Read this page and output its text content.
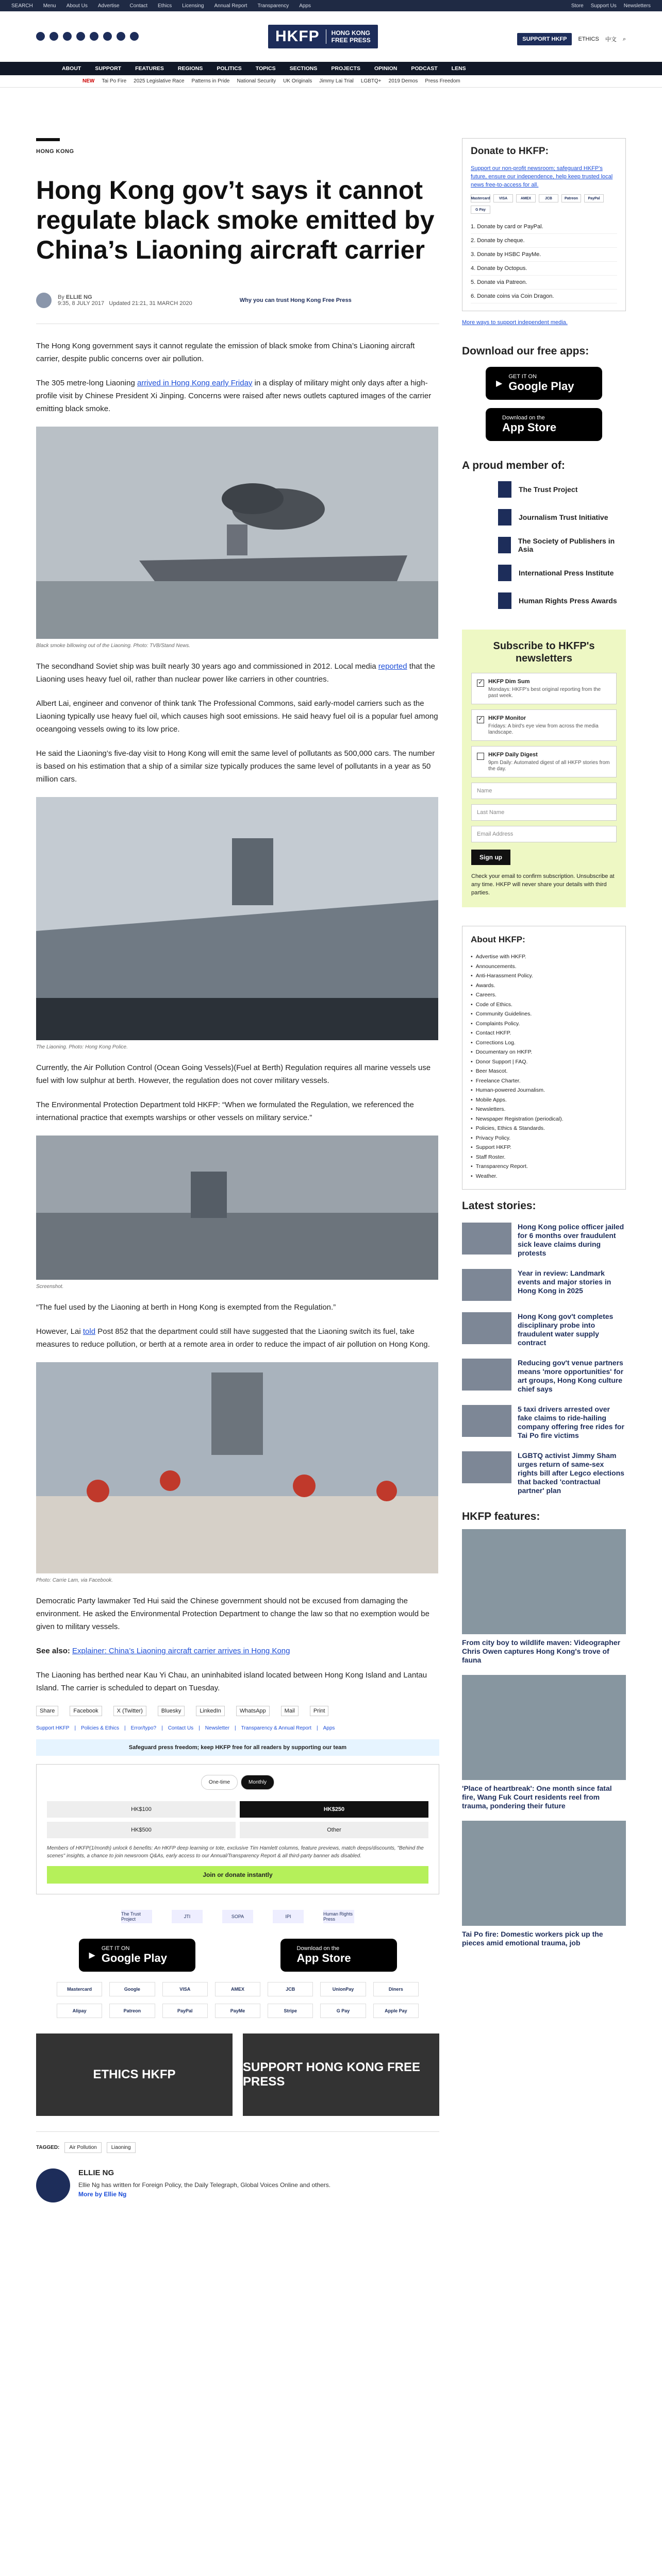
SEARCH Menu About Us Advertise Contact Ethics Licensing Annual Report Transparency Apps	Store Support Us Newsletters
HKFP	HONG KONG
FREE PRESS	SUPPORT HKFP	ETHICS 中文 ⌕
ABOUT	SUPPORT	FEATURES	REGIONS	POLITICS	TOPICS	SECTIONS	PROJECTS	OPINION	PODCAST	LENS
NEW Tai Po Fire 2025 Legislative Race Patterns in Pride National Security UK Originals Jimmy Lai Trial LGBTQ+ 2019 Demos Press Freedom
HONG KONG
Hong Kong gov’t says it cannot regulate black smoke emitted by China’s Liaoning aircraft carrier
By ELLIE NG
9:35, 8 JULY 2017 Updated 21:21, 31 MARCH 2020	Why you can trust Hong Kong Free Press

The Hong Kong government says it cannot regulate the emission of black smoke from China’s Liaoning aircraft carrier, despite public concerns over air pollution.

The 305 metre-long Liaoning arrived in Hong Kong early Friday in a display of military might only days after a high-profile visit by Chinese President Xi Jinping. Concerns were raised after news outlets captured images of the carrier emitting black smoke.

Black smoke billowing out of the Liaoning. Photo: TVB/Stand News.

The secondhand Soviet ship was built nearly 30 years ago and commissioned in 2012. Local media reported that the Liaoning uses heavy fuel oil, rather than nuclear power like carriers in other countries.

Albert Lai, engineer and convenor of think tank The Professional Commons, said early-model carriers such as the Liaoning typically use heavy fuel oil, which causes high soot emissions. He said heavy fuel oil is a popular fuel among oceangoing vessels owing to its low price.

He said the Liaoning’s five-day visit to Hong Kong will emit the same level of pollutants as 500,000 cars. The number is based on his estimation that a ship of a similar size typically produces the same level of pollutants in a year as 50 million cars.

The Liaoning. Photo: Hong Kong Police.

Currently, the Air Pollution Control (Ocean Going Vessels)(Fuel at Berth) Regulation requires all marine vessels use fuel with low sulphur at berth. However, the regulation does not cover military vessels.

The Environmental Protection Department told HKFP: “When we formulated the Regulation, we referenced the international practice that exempts warships or other vessels on military service.”

Screenshot.

“The fuel used by the Liaoning at berth in Hong Kong is exempted from the Regulation.”

However, Lai told Post 852 that the department could still have suggested that the Liaoning switch its fuel, take measures to reduce pollution, or berth at a remote area in order to reduce the impact of air pollution on Hong Kong.

Photo: Carrie Lam, via Facebook.

Democratic Party lawmaker Ted Hui said the Chinese government should not be excused from damaging the environment. He asked the Environmental Protection Department to change the law so that no exemption would be given to military vessels.

See also: Explainer: China’s Liaoning aircraft carrier arrives in Hong Kong

The Liaoning has berthed near Kau Yi Chau, an uninhabited island located between Hong Kong Island and Lantau Island. The carrier is scheduled to depart on Tuesday.

Share	Facebook	X (Twitter)	Bluesky	LinkedIn	WhatsApp	Mail	Print
Support HKFP | Policies & Ethics | Error/typo? | Contact Us | Newsletter | Transparency & Annual Report | Apps
Safeguard press freedom; keep HKFP free for all readers by supporting our team
One-time	Monthly
HK$100	HK$250
HK$500	Other
Members of HKFP(1/month) unlock 6 benefits: An HKFP deep learning or tote, exclusive Tim Hamlett columns, feature previews, match deeps/discounts, "Behind the scenes" insights, a chance to join newsroom Q&As, early access to our Annual/Transparency Report & all third-party banner ads disabled.
Join or donate instantly
The Trust Project	JTI	SOPA	IPI	Human Rights Press
▶
GET IT ON
Google Play
Download on the
App Store
Mastercard	Google	VISA	AMEX	JCB	UnionPay	Diners
Alipay	Patreon	PayPal	PayMe	Stripe	G Pay	Apple Pay
ETHICS HKFP
SUPPORT HONG KONG FREE PRESS
TAGGED:	Air Pollution	Liaoning
ELLIE NG

Ellie Ng has written for Foreign Policy, the Daily Telegraph, Global Voices Online and others.

More by Ellie Ng
Donate to HKFP:
Support our non-profit newsroom; safeguard HKFP's future, ensure our independence, help keep trusted local news free-to-access for all.
Mastercard	VISA	AMEX	JCB	Patreon	PayPal
G Pay
1. Donate by card or PayPal.
2. Donate by cheque.
3. Donate by HSBC PayMe.
4. Donate by Octopus.
5. Donate via Patreon.
6. Donate coins via Coin Dragon.
More ways to support independent media.
Download our free apps:
▶
GET IT ON
Google Play
Download on the
App Store
A proud member of:
The Trust Project
Journalism Trust Initiative
The Society of Publishers in Asia
International Press Institute
Human Rights Press Awards
Subscribe to HKFP's newsletters
✓
HKFP Dim Sum
Mondays: HKFP's best original reporting from the past week.
✓
HKFP Monitor
Fridays: A bird's eye view from across the media landscape.
HKFP Daily Digest
9pm Daily: Automated digest of all HKFP stories from the day.
Name
Last Name
Email Address
Sign up
Check your email to confirm subscription. Unsubscribe at any time. HKFP will never share your details with third parties.
About HKFP:
• Advertise with HKFP.
• Announcements.
• Anti-Harassment Policy.
• Awards.
• Careers.
• Code of Ethics.
• Community Guidelines.
• Complaints Policy.
• Contact HKFP.
• Corrections Log.
• Documentary on HKFP.
• Donor Support | FAQ.
• Beer Mascot.
• Freelance Charter.
• Human-powered Journalism.
• Mobile Apps.
• Newsletters.
• Newspaper Registration (periodical).
• Policies, Ethics & Standards.
• Privacy Policy.
• Support HKFP.
• Staff Roster.
• Transparency Report.
• Weather.
Latest stories:
Hong Kong police officer jailed for 6 months over fraudulent sick leave claims during protests
Year in review: Landmark events and major stories in Hong Kong in 2025
Hong Kong gov't completes disciplinary probe into fraudulent water supply contract
Reducing gov't venue partners means 'more opportunities' for art groups, Hong Kong culture chief says
5 taxi drivers arrested over fake claims to ride-hailing company offering free rides for Tai Po fire victims
LGBTQ activist Jimmy Sham urges return of same-sex rights bill after Legco elections that backed 'contractual partner' plan
HKFP features:
From city boy to wildlife maven: Videographer Chris Owen captures Hong Kong's trove of fauna
'Place of heartbreak': One month since fatal fire, Wang Fuk Court residents reel from trauma, pondering their future
Tai Po fire: Domestic workers pick up the pieces amid emotional trauma, job
